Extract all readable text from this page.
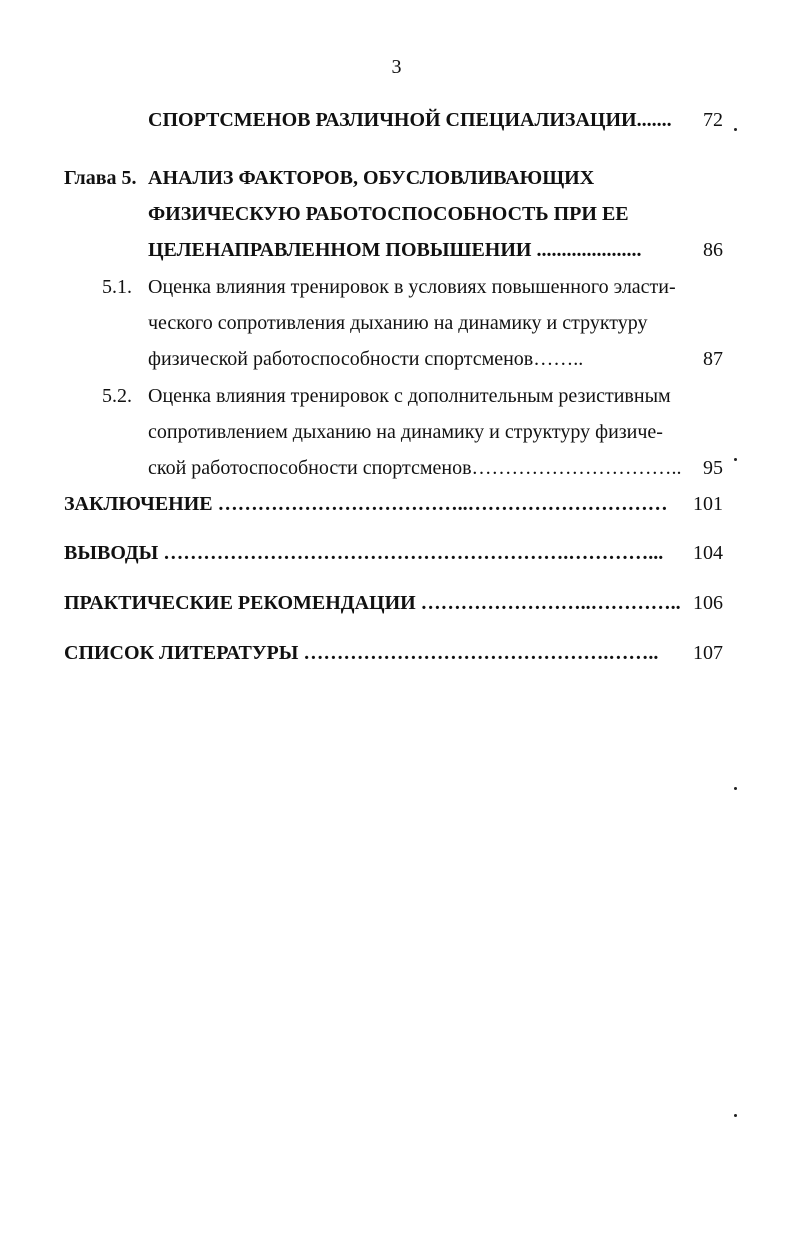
3
СПОРТСМЕНОВ РАЗЛИЧНОЙ СПЕЦИАЛИЗАЦИИ.......	72
Глава 5. АНАЛИЗ ФАКТОРОВ, ОБУСЛОВЛИВАЮЩИХ
ФИЗИЧЕСКУЮ РАБОТОСПОСОБНОСТЬ ПРИ ЕЕ
ЦЕЛЕНАПРАВЛЕННОМ ПОВЫШЕНИИ .....................	86
5.1. Оценка влияния тренировок в условиях повышенного эласти-
ческого сопротивления дыханию на динамику и структуру
физической работоспособности спортсменов……..	87
5.2. Оценка влияния тренировок с дополнительным резистивным
сопротивлением дыханию на динамику и структуру физиче-
ской работоспособности спортсменов…………………………..	95
ЗАКЛЮЧЕНИЕ ………………………………..…………………………	101
ВЫВОДЫ …………………………………………………….…………...	104
ПРАКТИЧЕСКИЕ РЕКОМЕНДАЦИИ ……………………..………….. 106
СПИСОК ЛИТЕРАТУРЫ ……………………………………….……..	107
